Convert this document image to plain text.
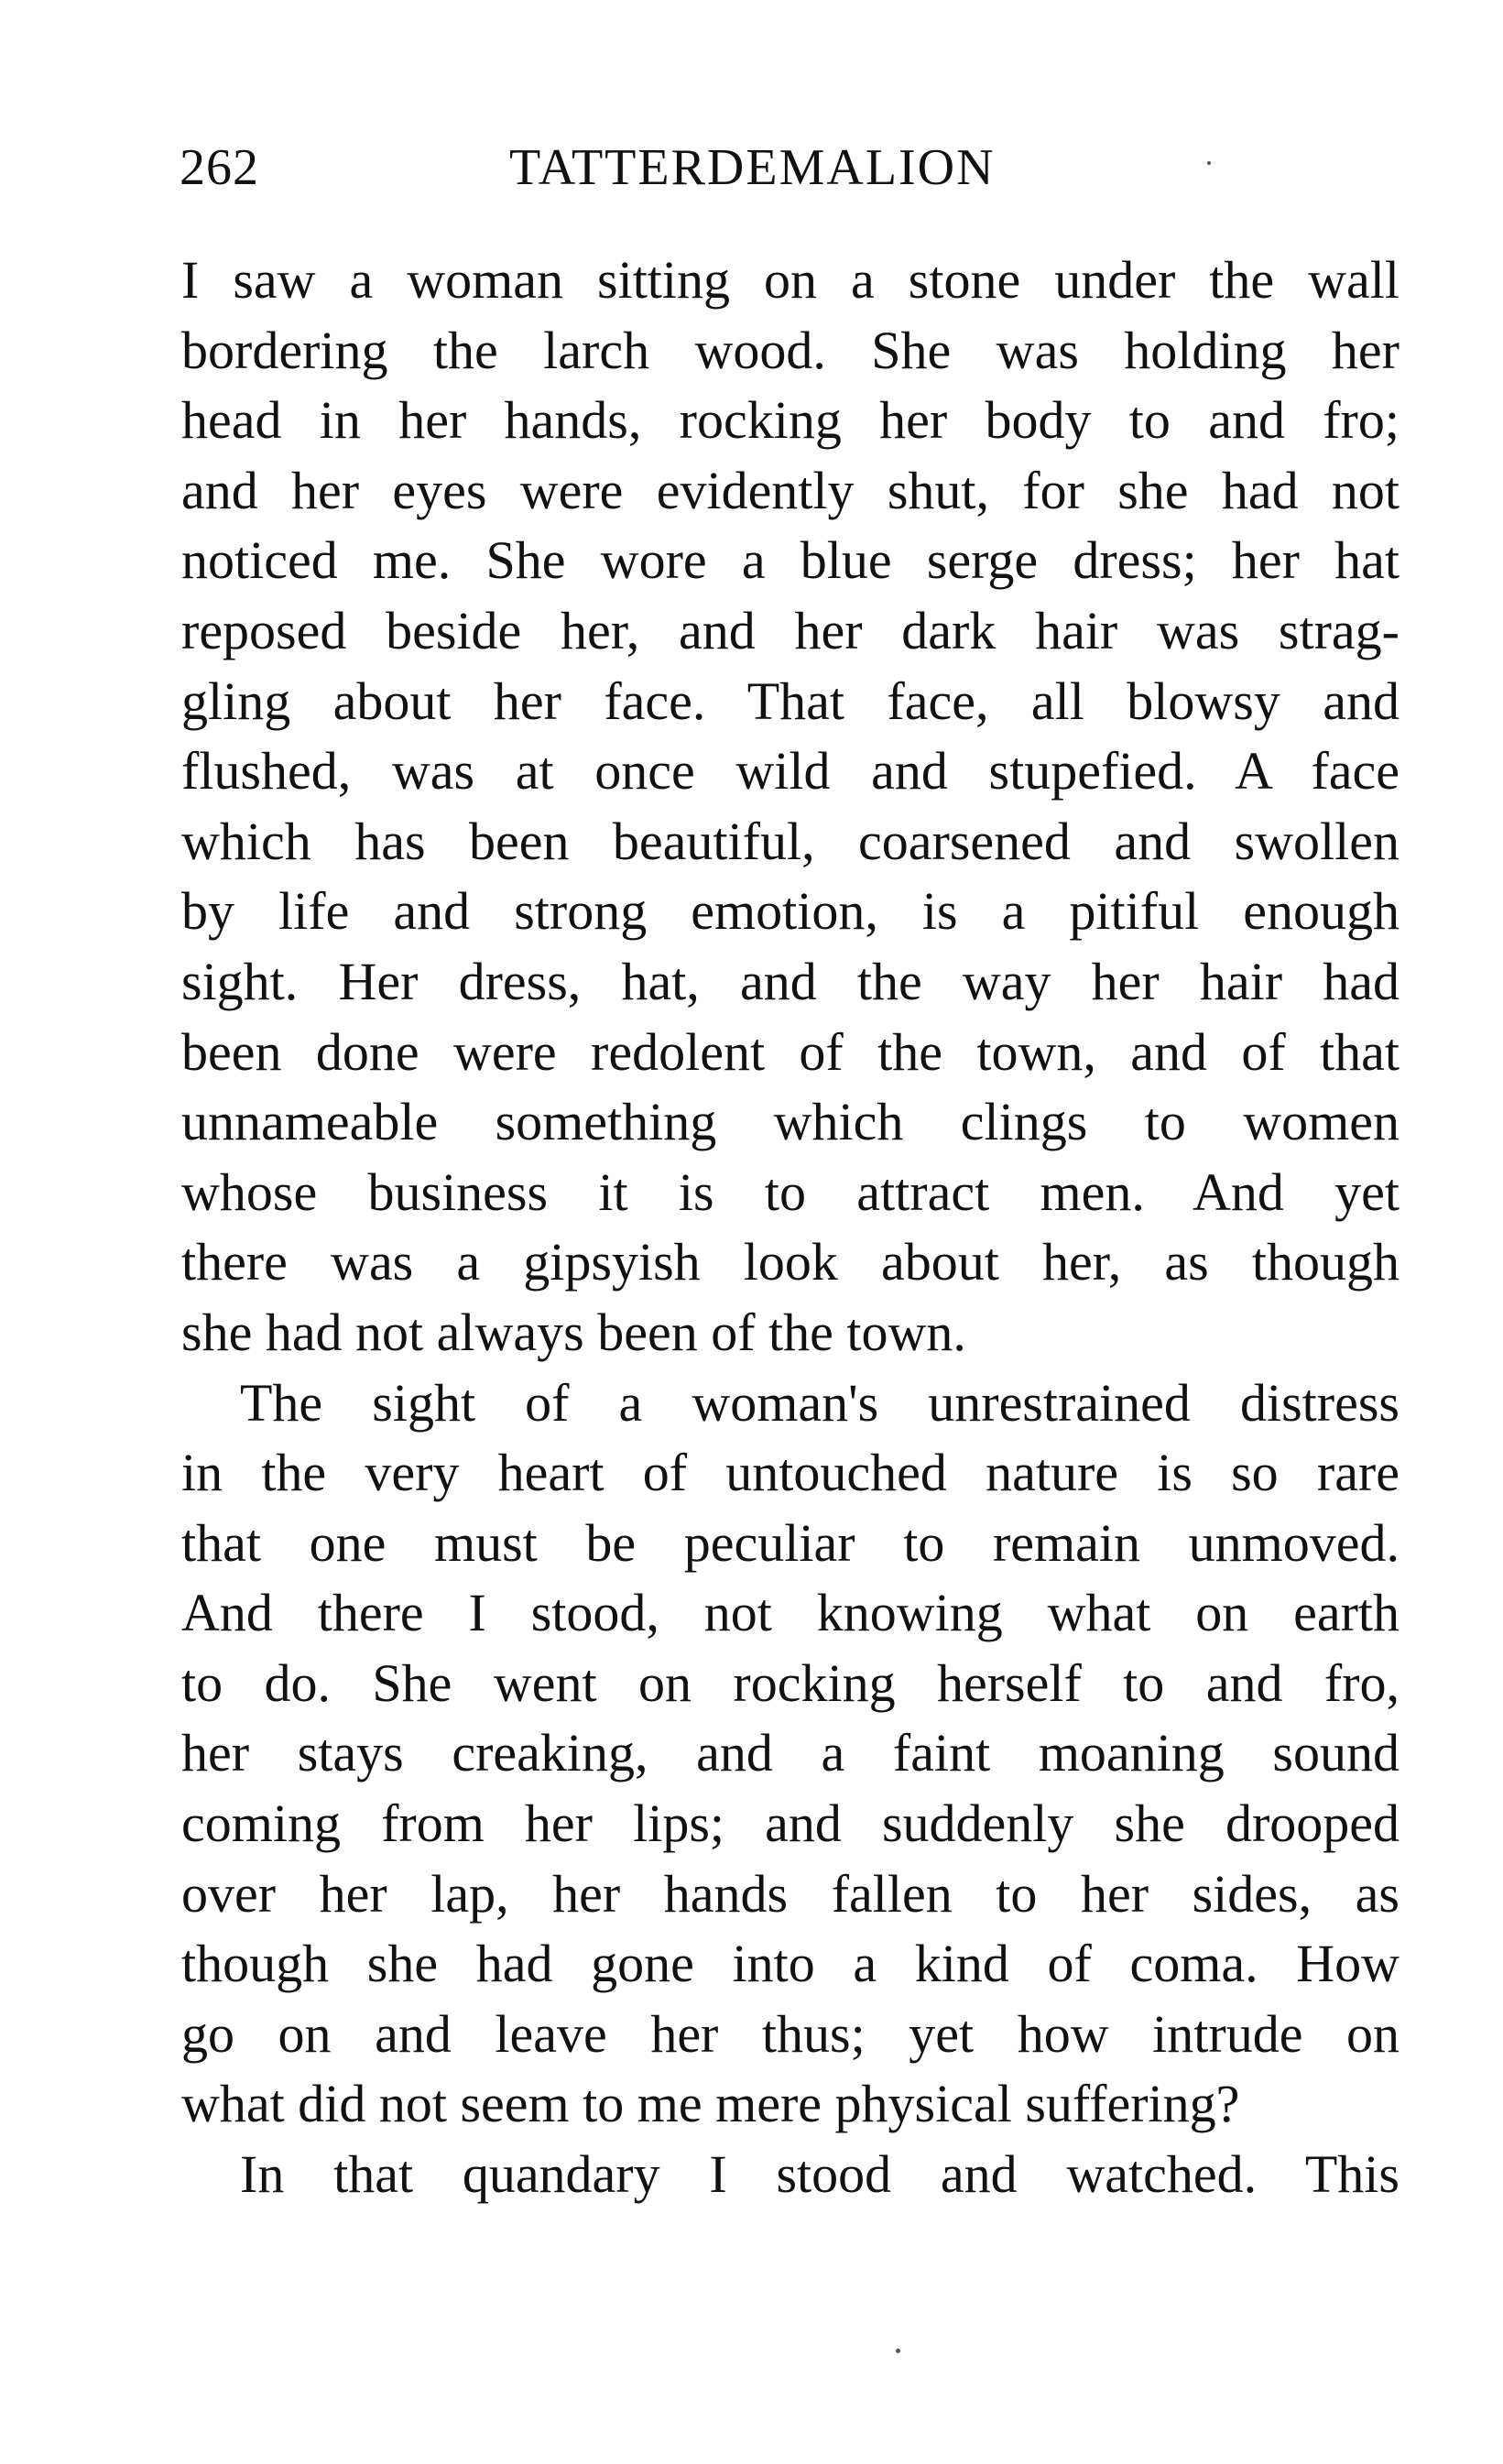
262	TATTERDEMALION
I saw a woman sitting on a stone under the wall
bordering the larch wood. She was holding her
head in her hands, rocking her body to and fro;
and her eyes were evidently shut, for she had not
noticed me. She wore a blue serge dress; her hat
reposed beside her, and her dark hair was strag-
gling about her face. That face, all blowsy and
flushed, was at once wild and stupefied. A face
which has been beautiful, coarsened and swollen
by life and strong emotion, is a pitiful enough
sight. Her dress, hat, and the way her hair had
been done were redolent of the town, and of that
unnameable something which clings to women
whose business it is to attract men. And yet
there was a gipsyish look about her, as though
she had not always been of the town.
The sight of a woman's unrestrained distress
in the very heart of untouched nature is so rare
that one must be peculiar to remain unmoved.
And there I stood, not knowing what on earth
to do. She went on rocking herself to and fro,
her stays creaking, and a faint moaning sound
coming from her lips; and suddenly she drooped
over her lap, her hands fallen to her sides, as
though she had gone into a kind of coma. How
go on and leave her thus; yet how intrude on
what did not seem to me mere physical suffering?
In that quandary I stood and watched. This
